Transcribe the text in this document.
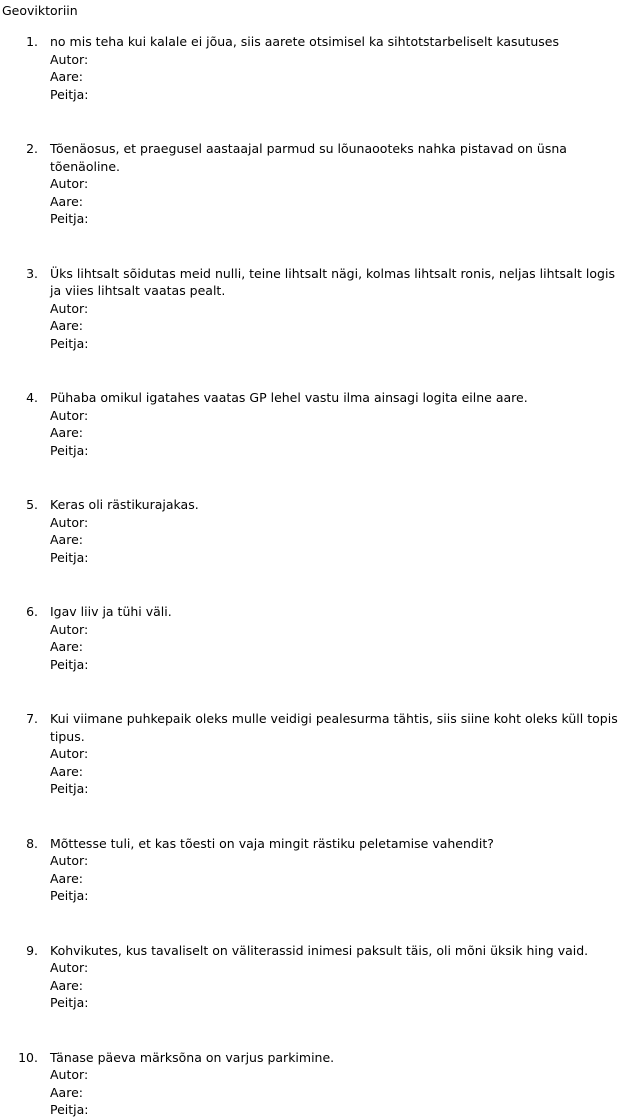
Geoviktoriin
1. no mis teha kui kalale ei jõua, siis aarete otsimisel ka sihtotstarbeliselt kasutuses
Autor:
Aare:
Peitja:
2. Tõenäosus, et praegusel aastaajal parmud su lõunaooteks nahka pistavad on üsna tõenäoline.
Autor:
Aare:
Peitja:
3. Üks lihtsalt sõidutas meid nulli, teine lihtsalt nägi, kolmas lihtsalt ronis, neljas lihtsalt logis ja viies lihtsalt vaatas pealt.
Autor:
Aare:
Peitja:
4. Pühaba omikul igatahes vaatas GP lehel vastu ilma ainsagi logita eilne aare.
Autor:
Aare:
Peitja:
5. Keras oli rästikurajakas.
Autor:
Aare:
Peitja:
6. Igav liiv ja tühi väli.
Autor:
Aare:
Peitja:
7. Kui viimane puhkepaik oleks mulle veidigi pealesurma tähtis, siis siine koht oleks küll topis tipus.
Autor:
Aare:
Peitja:
8. Mõttesse tuli, et kas tõesti on vaja mingit rästiku peletamise vahendit?
Autor:
Aare:
Peitja:
9. Kohvikutes, kus tavaliselt on väliterassid inimesi paksult täis, oli mõni üksik hing vaid.
Autor:
Aare:
Peitja:
10. Tänase päeva märksõna on varjus parkimine.
Autor:
Aare:
Peitja:
